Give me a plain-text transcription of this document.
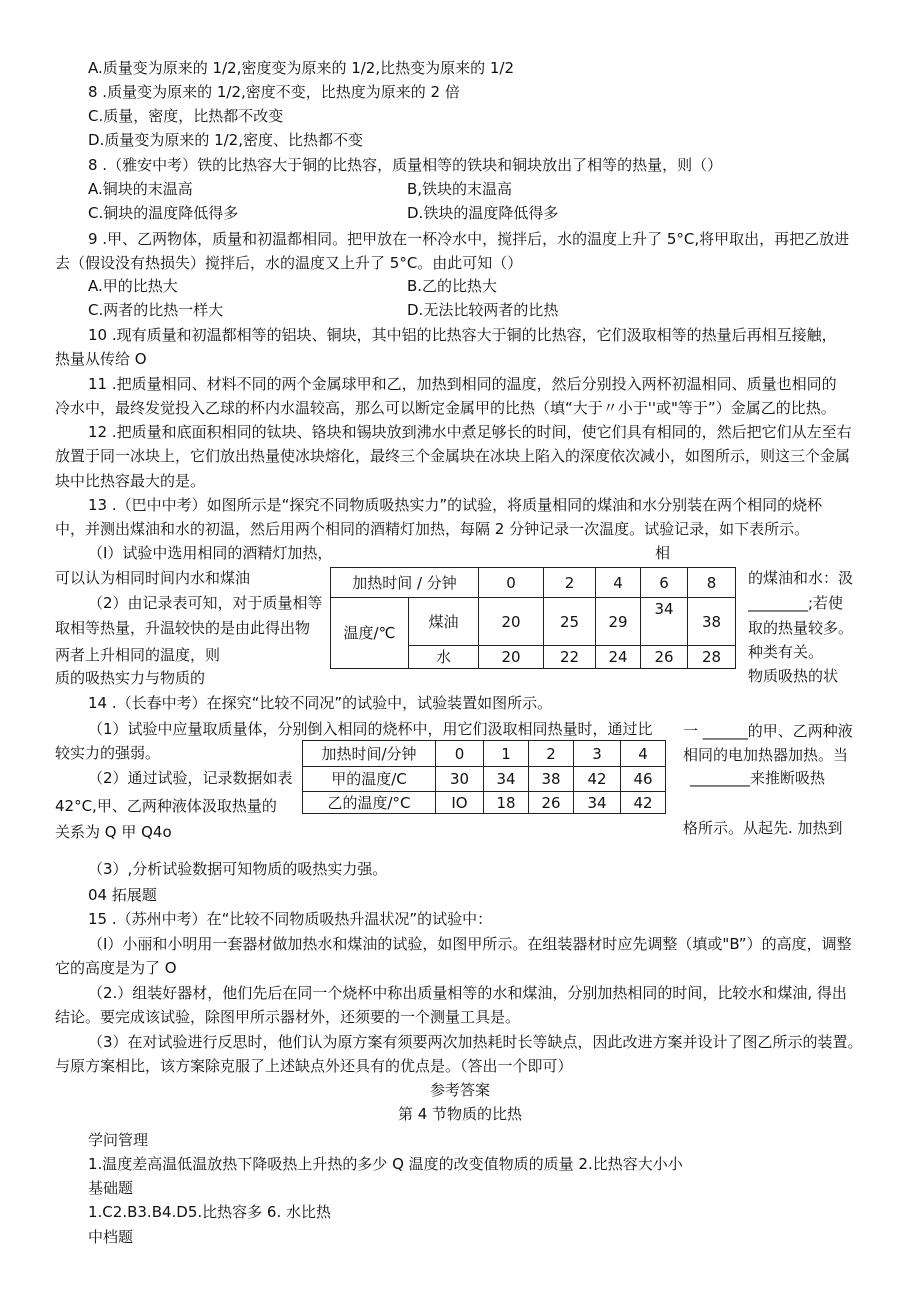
A.质量变为原来的 1/2,密度变为原来的 1/2,比热变为原来的 1/2
8 .质量变为原来的 1/2,密度不变，比热度为原来的 2 倍
C.质量，密度，比热都不改变
D.质量变为原来的 1/2,密度、比热都不变
8 .（雅安中考）铁的比热容大于铜的比热容，质量相等的铁块和铜块放出了相等的热量，则（）
A.铜块的末温高	B,铁块的末温高
C.铜块的温度降低得多	D.铁块的温度降低得多
9 .甲、乙两物体，质量和初温都相同。把甲放在一杯冷水中，搅拌后，水的温度上升了 5°C,将甲取出，再把乙放进
去（假设没有热损失）搅拌后，水的温度又上升了 5°C。由此可知（）
A.甲的比热大	B.乙的比热大
C.两者的比热一样大	D.无法比较两者的比热
10 .现有质量和初温都相等的铝块、铜块，其中铝的比热容大于铜的比热容，它们汲取相等的热量后再相互接触，
热量从传给 O
11 .把质量相同、材料不同的两个金属球甲和乙，加热到相同的温度，然后分别投入两杯初温相同、质量也相同的
冷水中，最终发觉投入乙球的杯内水温较高，那么可以断定金属甲的比热（填“大于〃小于''或"等于”）金属乙的比热。
12 .把质量和底面积相同的钛块、铬块和锡块放到沸水中煮足够长的时间，使它们具有相同的，然后把它们从左至右
放置于同一冰块上，它们放出热量使冰块熔化，最终三个金属块在冰块上陷入的深度依次减小，如图所示，则这三个金属
块中比热容最大的是。
13 .（巴中中考）如图所示是“探究不同物质吸热实力”的试验，将质量相同的煤油和水分别装在两个相同的烧杯
中，并测出煤油和水的初温，然后用两个相同的酒精灯加热，每隔 2 分钟记录一次温度。试验记录，如下表所示。
（I）试验中选用相同的酒精灯加热，	相
可以认为相同时间内水和煤油	的煤油和水：汲
（2）由记录表可知，对于质量相等	________;若使
取相等热量，升温较快的是由此得出物	取的热量较多。
两者上升相同的温度，则	种类有关。
质的吸热实力与物质的	物质吸热的状
加热时间 / 分钟		0	2	4	6	8
温度/℃	煤油	20	25	29	34	38
	水	20	22	24	26	28
14 .（长春中考）在探究“比较不同况”的试验中，试验装置如图所示。
（1）试验中应量取质量体，分别倒入相同的烧杯中，用它们汲取相同热量时，通过比 一 ______的甲、乙两种液
较实力的强弱。	相同的电加热器加热。当
（2）通过试验，记录数据如表	________来推断吸热
42°C,甲、乙两种液体汲取热量的
关系为 Q 甲 Q4o	格所示。从起先. 加热到
加热时间/分钟	0	1	2	3	4
甲的温度/C	30	34	38	42	46
乙的温度/°C	IO	18	26	34	42
（3）,分析试验数据可知物质的吸热实力强。
04 拓展题
15 .（苏州中考）在“比较不同物质吸热升温状况”的试验中：
（I）小丽和小明用一套器材做加热水和煤油的试验，如图甲所示。在组装器材时应先调整（填或"B”）的高度，调整
它的高度是为了 O
（2.）组装好器材，他们先后在同一个烧杯中称出质量相等的水和煤油，分别加热相同的时间，比较水和煤油, 得出
结论。要完成该试验，除图甲所示器材外，还须要的一个测量工具是。
（3）在对试验进行反思时，他们认为原方案有须要两次加热耗时长等缺点，因此改进方案并设计了图乙所示的装置。
与原方案相比，该方案除克服了上述缺点外还具有的优点是。（答出一个即可）
参考答案
第 4 节物质的比热
学问管理
1.温度差高温低温放热下降吸热上升热的多少 Q 温度的改变值物质的质量 2.比热容大小小
基础题
1.C2.B3.B4.D5.比热容多 6. 水比热
中档题
